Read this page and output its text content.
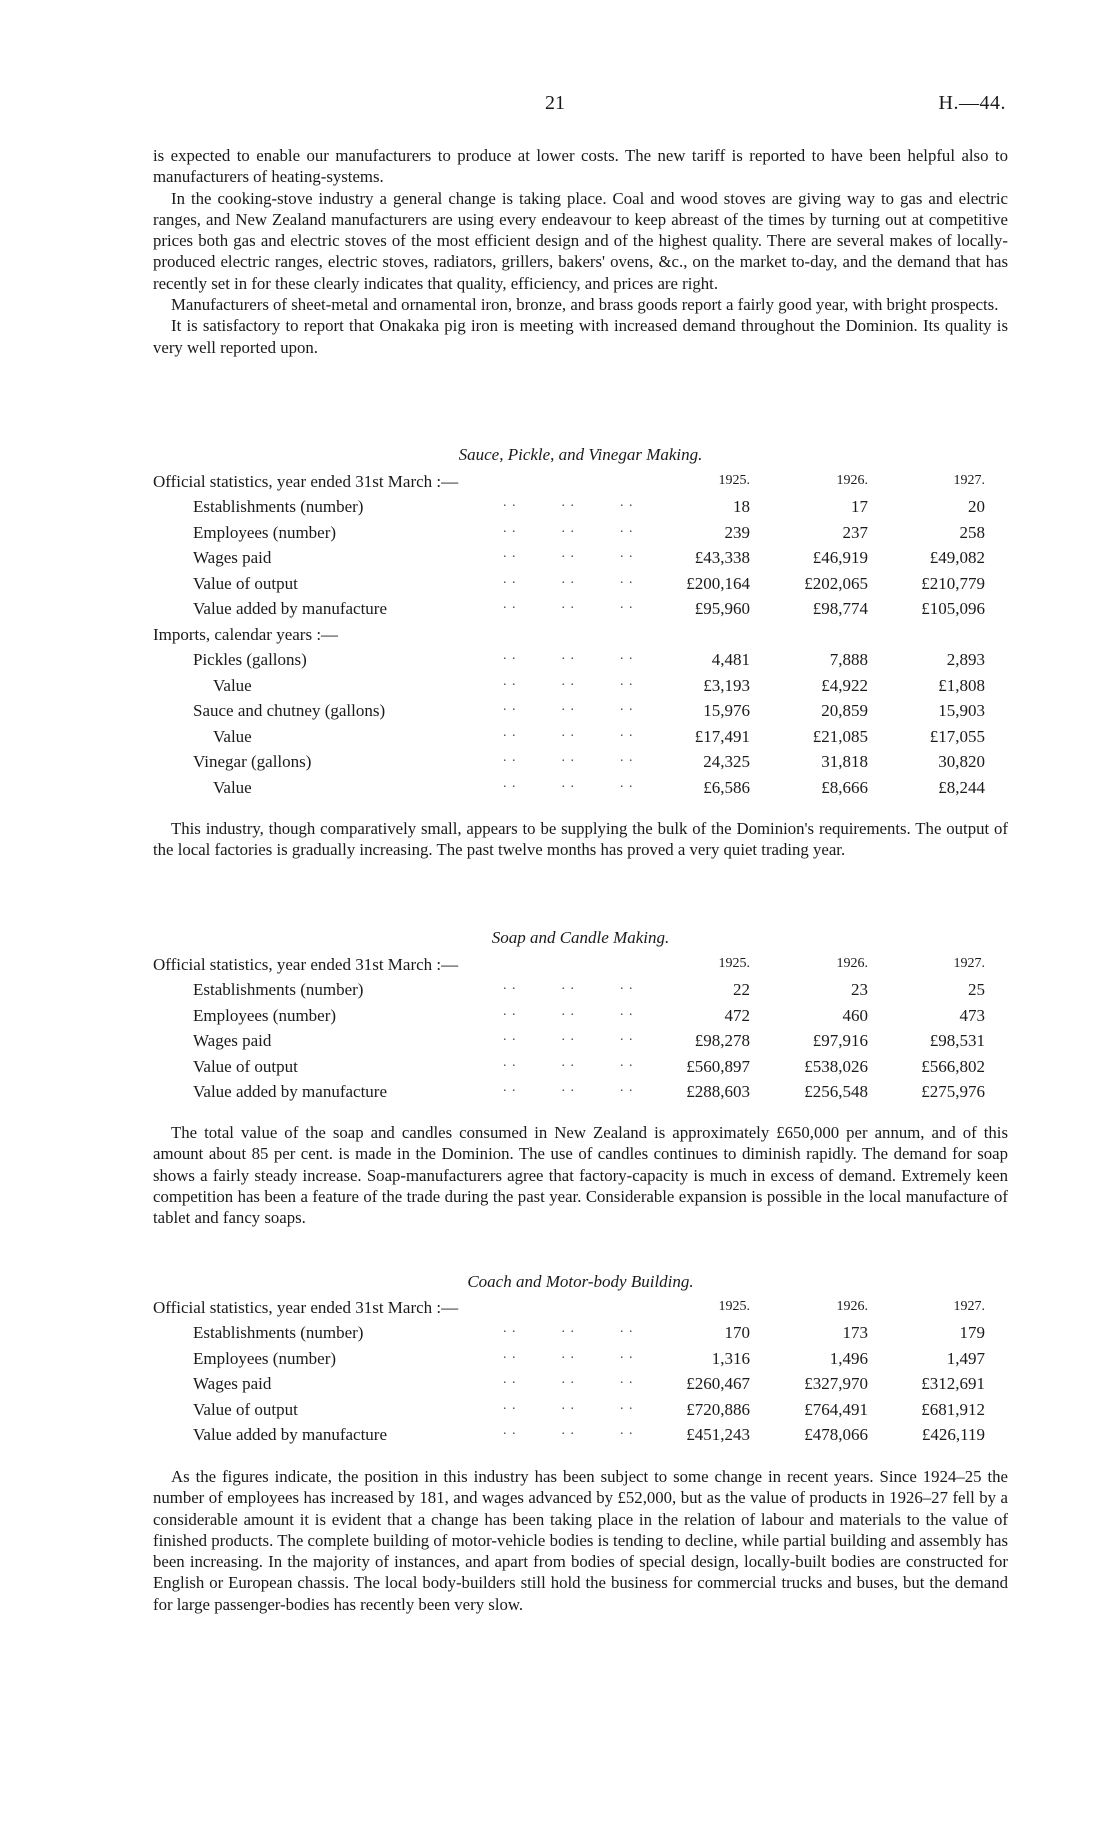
21	H.—44.

is expected to enable our manufacturers to produce at lower costs. The new tariff is reported to have been helpful also to manufacturers of heating-systems.

In the cooking-stove industry a general change is taking place. Coal and wood stoves are giving way to gas and electric ranges, and New Zealand manufacturers are using every endeavour to keep abreast of the times by turning out at competitive prices both gas and electric stoves of the most efficient design and of the highest quality. There are several makes of locally-produced electric ranges, electric stoves, radiators, grillers, bakers' ovens, &c., on the market to-day, and the demand that has recently set in for these clearly indicates that quality, efficiency, and prices are right.

Manufacturers of sheet-metal and ornamental iron, bronze, and brass goods report a fairly good year, with bright prospects.

It is satisfactory to report that Onakaka pig iron is meeting with increased demand throughout the Dominion. Its quality is very well reported upon.

Sauce, Pickle, and Vinegar Making.
Official statistics, year ended 31st March :—	1925.	1926.	1927.
Establishments (number)	. .          . .          . .	18	17	20
Employees (number)	. .          . .          . .	239	237	258
Wages paid	. .          . .          . .	£43,338	£46,919	£49,082
Value of output	. .          . .          . .	£200,164	£202,065	£210,779
Value added by manufacture	. .          . .          . .	£95,960	£98,774	£105,096
Imports, calendar years :—
Pickles (gallons)	. .          . .          . .	4,481	7,888	2,893
Value	. .          . .          . .	£3,193	£4,922	£1,808
Sauce and chutney (gallons)	. .          . .          . .	15,976	20,859	15,903
Value	. .          . .          . .	£17,491	£21,085	£17,055
Vinegar (gallons)	. .          . .          . .	24,325	31,818	30,820
Value	. .          . .          . .	£6,586	£8,666	£8,244

This industry, though comparatively small, appears to be supplying the bulk of the Dominion's requirements. The output of the local factories is gradually increasing. The past twelve months has proved a very quiet trading year.

Soap and Candle Making.
Official statistics, year ended 31st March :—	1925.	1926.	1927.
Establishments (number)	. .          . .          . .	22	23	25
Employees (number)	. .          . .          . .	472	460	473
Wages paid	. .          . .          . .	£98,278	£97,916	£98,531
Value of output	. .          . .          . .	£560,897	£538,026	£566,802
Value added by manufacture	. .          . .          . .	£288,603	£256,548	£275,976

The total value of the soap and candles consumed in New Zealand is approximately £650,000 per annum, and of this amount about 85 per cent. is made in the Dominion. The use of candles continues to diminish rapidly. The demand for soap shows a fairly steady increase. Soap-manufacturers agree that factory-capacity is much in excess of demand. Extremely keen competition has been a feature of the trade during the past year. Considerable expansion is possible in the local manufacture of tablet and fancy soaps.

Coach and Motor-body Building.
Official statistics, year ended 31st March :—	1925.	1926.	1927.
Establishments (number)	. .          . .          . .	170	173	179
Employees (number)	. .          . .          . .	1,316	1,496	1,497
Wages paid	. .          . .          . .	£260,467	£327,970	£312,691
Value of output	. .          . .          . .	£720,886	£764,491	£681,912
Value added by manufacture	. .          . .          . .	£451,243	£478,066	£426,119

As the figures indicate, the position in this industry has been subject to some change in recent years. Since 1924–25 the number of employees has increased by 181, and wages advanced by £52,000, but as the value of products in 1926–27 fell by a considerable amount it is evident that a change has been taking place in the relation of labour and materials to the value of finished products. The complete building of motor-vehicle bodies is tending to decline, while partial building and assembly has been increasing. In the majority of instances, and apart from bodies of special design, locally-built bodies are constructed for English or European chassis. The local body-builders still hold the business for commercial trucks and buses, but the demand for large passenger-bodies has recently been very slow.
